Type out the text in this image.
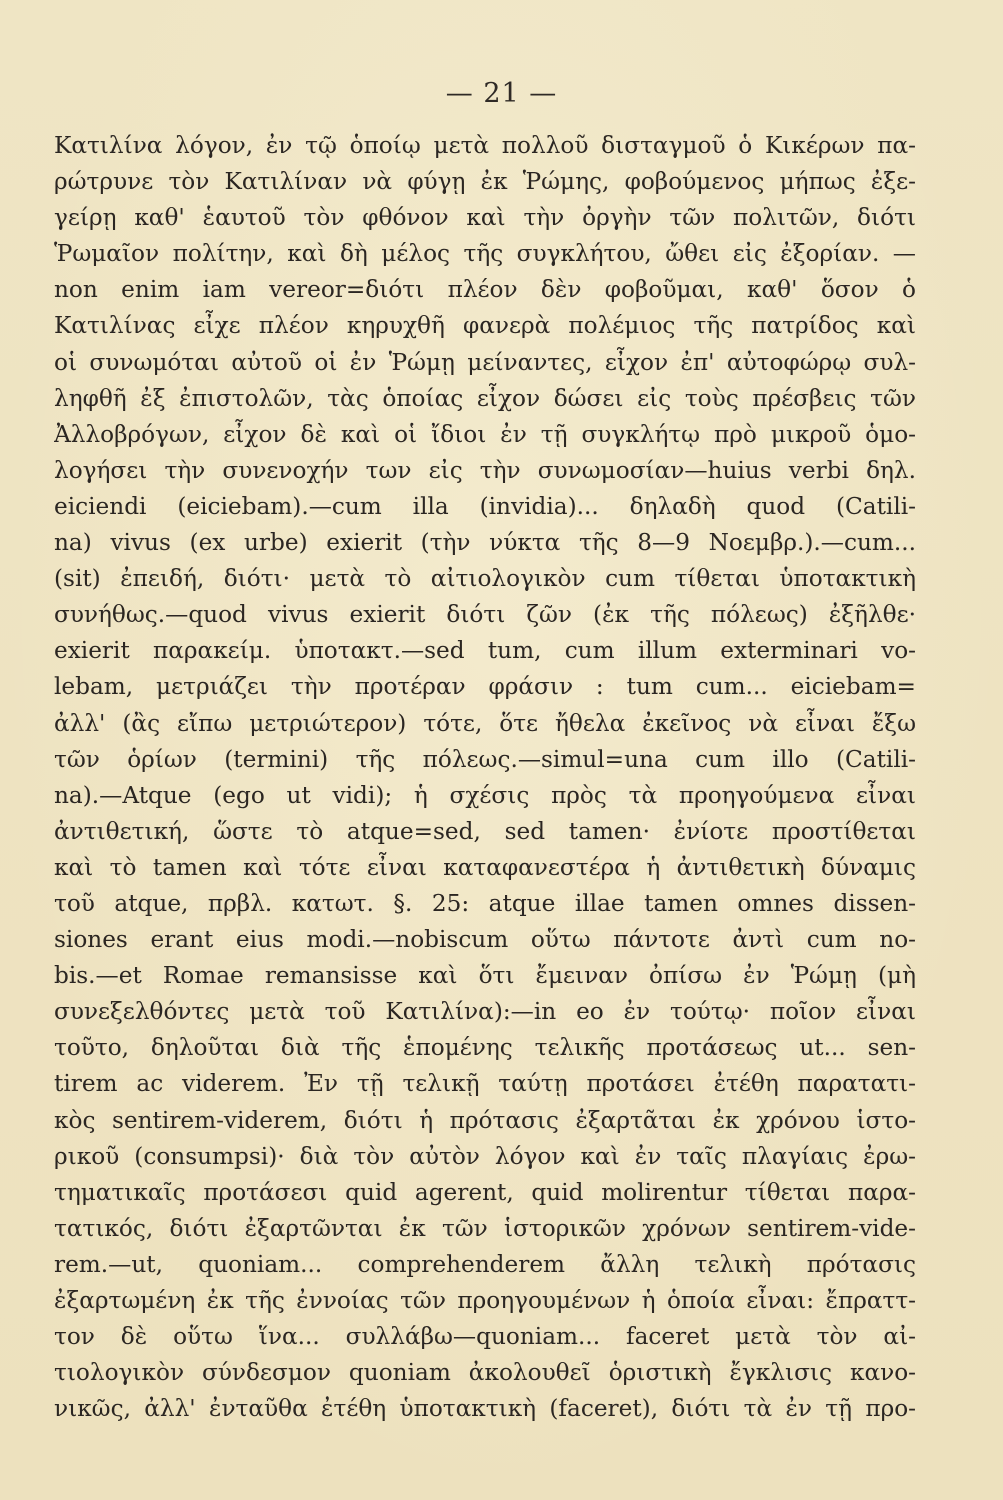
— 21 —
Κατιλίνα λόγον, ἐν τῷ ὁποίῳ μετὰ πολλοῦ δισταγμοῦ ὁ Κικέρων πα-
ρώτρυνε τὸν Κατιλίναν νὰ φύγῃ ἐκ Ῥώμης, φοβούμενος μήπως ἐξε-
γείρῃ καθ' ἑαυτοῦ τὸν φθόνον καὶ τὴν ὀργὴν τῶν πολιτῶν, διότι
Ῥωμαῖον πολίτην, καὶ δὴ μέλος τῆς συγκλήτου, ὤθει εἰς ἐξορίαν. —
non enim iam vereor=διότι πλέον δὲν φοβοῦμαι, καθ' ὅσον ὁ
Κατιλίνας εἶχε πλέον κηρυχθῆ φανερὰ πολέμιος τῆς πατρίδος καὶ
οἱ συνωμόται αὐτοῦ οἱ ἐν Ῥώμῃ μείναντες, εἶχον ἐπ' αὐτοφώρῳ συλ-
ληφθῆ ἐξ ἐπιστολῶν, τὰς ὁποίας εἶχον δώσει εἰς τοὺς πρέσβεις τῶν
Ἀλλοβρόγων, εἶχον δὲ καὶ οἱ ἴδιοι ἐν τῇ συγκλήτῳ πρὸ μικροῦ ὁμο-
λογήσει τὴν συνενοχήν των εἰς τὴν συνωμοσίαν—huius verbi δηλ.
eiciendi (eiciebam).—cum illa (invidia)... δηλαδὴ quod (Catili-
na) vivus (ex urbe) exierit (τὴν νύκτα τῆς 8—9 Νοεμβρ.).—cum...
(sit) ἐπειδή, διότι· μετὰ τὸ αἰτιολογικὸν cum τίθεται ὑποτακτικὴ
συνήθως.—quod vivus exierit διότι ζῶν (ἐκ τῆς πόλεως) ἐξῆλθε·
exierit παρακείμ. ὑποτακτ.—sed tum, cum illum exterminari vo-
lebam, μετριάζει τὴν προτέραν φράσιν : tum cum... eiciebam=
ἀλλ' (ἂς εἴπω μετριώτερον) τότε, ὅτε ἤθελα ἐκεῖνος νὰ εἶναι ἔξω
τῶν ὁρίων (termini) τῆς πόλεως.—simul=una cum illo (Catili-
na).—Atque (ego ut vidi); ἡ σχέσις πρὸς τὰ προηγούμενα εἶναι
ἀντιθετική, ὥστε τὸ atque=sed, sed tamen· ἐνίοτε προστίθεται
καὶ τὸ tamen καὶ τότε εἶναι καταφανεστέρα ἡ ἀντιθετικὴ δύναμις
τοῦ atque, πρβλ. κατωτ. §. 25: atque illae tamen omnes dissen-
siones erant eius modi.—nobiscum οὕτω πάντοτε ἀντὶ cum no-
bis.—et Romae remansisse καὶ ὅτι ἔμειναν ὀπίσω ἐν Ῥώμῃ (μὴ
συνεξελθόντες μετὰ τοῦ Κατιλίνα):—in eo ἐν τούτῳ· ποῖον εἶναι
τοῦτο, δηλοῦται διὰ τῆς ἑπομένης τελικῆς προτάσεως ut... sen-
tirem ac viderem. Ἐν τῇ τελικῇ ταύτῃ προτάσει ἐτέθη παρατατι-
κὸς sentirem-viderem, διότι ἡ πρότασις ἐξαρτᾶται ἐκ χρόνου ἱστο-
ρικοῦ (consumpsi)· διὰ τὸν αὐτὸν λόγον καὶ ἐν ταῖς πλαγίαις ἐρω-
τηματικαῖς προτάσεσι quid agerent, quid molirentur τίθεται παρα-
τατικός, διότι ἐξαρτῶνται ἐκ τῶν ἱστορικῶν χρόνων sentirem-vide-
rem.—ut, quoniam... comprehenderem ἄλλη τελικὴ πρότασις
ἐξαρτωμένη ἐκ τῆς ἐννοίας τῶν προηγουμένων ἡ ὁποία εἶναι: ἔπραττ-
τον δὲ οὕτω ἵνα... συλλάβω—quoniam... faceret μετὰ τὸν αἰ-
τιολογικὸν σύνδεσμον quoniam ἀκολουθεῖ ὁριστικὴ ἔγκλισις κανο-
νικῶς, ἀλλ' ἐνταῦθα ἐτέθη ὑποτακτικὴ (faceret), διότι τὰ ἐν τῇ προ-
